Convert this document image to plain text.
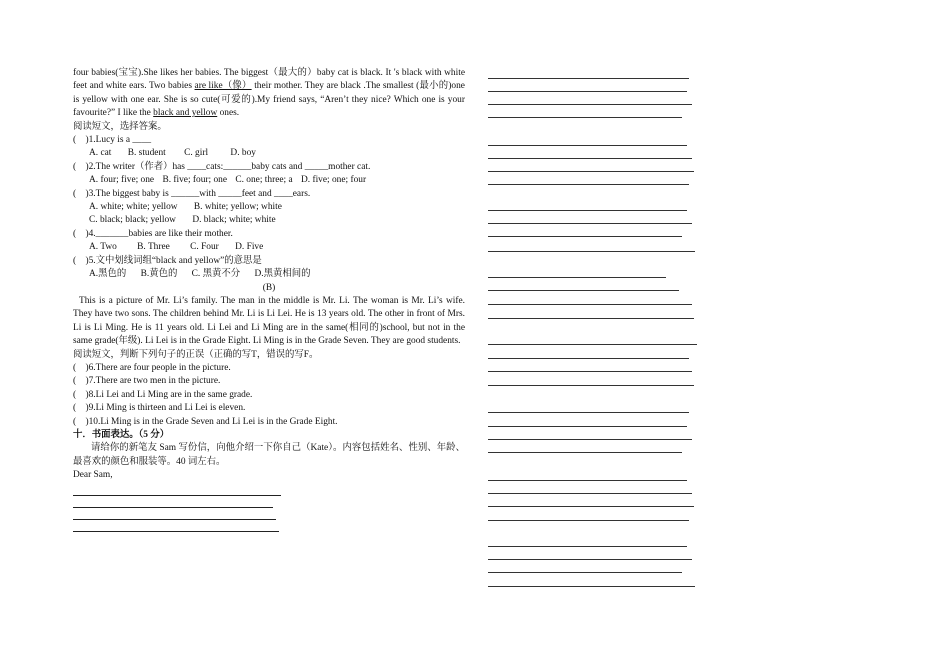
four babies(宝宝).She likes her babies. The biggest（最大的）baby cat is black. It 's black with white feet and white ears. Two babies are like（像） their mother. They are black .The smallest (最小的)one is yellow with one ear. She is so cute(可爱的).My friend says, “Aren’t they nice? Which one is your favourite?” I like the black and yellow ones.

阅读短文，选择答案。

(　)1.Lucy is a ____

A. cat B. student C. girl D. boy

(　)2.The writer（作者）has ____cats:______baby cats and _____mother cat.

A. four; five; one B. five; four; one C. one; three; a D. five; one; four

(　)3.The biggest baby is ______with _____feet and ____ears.

A. white; white; yellow B. white; yellow; white

C. black; black; yellow D. black; white; white

(　)4._______babies are like their mother.

A. Two B. Three C. Four D. Five

(　)5.文中划线词组“black and yellow”的意思是

A.黑色的 B.黄色的 C. 黑黄不分 D.黑黄相间的

(B)

This is a picture of Mr. Li’s family. The man in the middle is Mr. Li. The woman is Mr. Li’s wife. They have two sons. The children behind Mr. Li is Li Lei. He is 13 years old. The other in front of Mrs. Li is Li Ming. He is 11 years old. Li Lei and Li Ming are in the same(相同的)school, but not in the same grade(年级). Li Lei is in the Grade Eight. Li Ming is in the Grade Seven. They are good students.

阅读短文，判断下列句子的正误（正确的写T，错误的写F。

(　)6.There are four people in the picture.

(　)7.There are two men in the picture.

(　)8.Li Lei and Li Ming are in the same grade.

(　)9.Li Ming is thirteen and Li Lei is eleven.

(　)10.Li Ming is in the Grade Seven and Li Lei is in the Grade Eight.

十．书面表达。（5 分）

请给你的新笔友 Sam 写份信，向他介绍一下你自己（Kate）。内容包括姓名、性别、年龄、最喜欢的颜色和服装等。40 词左右。

Dear Sam,
